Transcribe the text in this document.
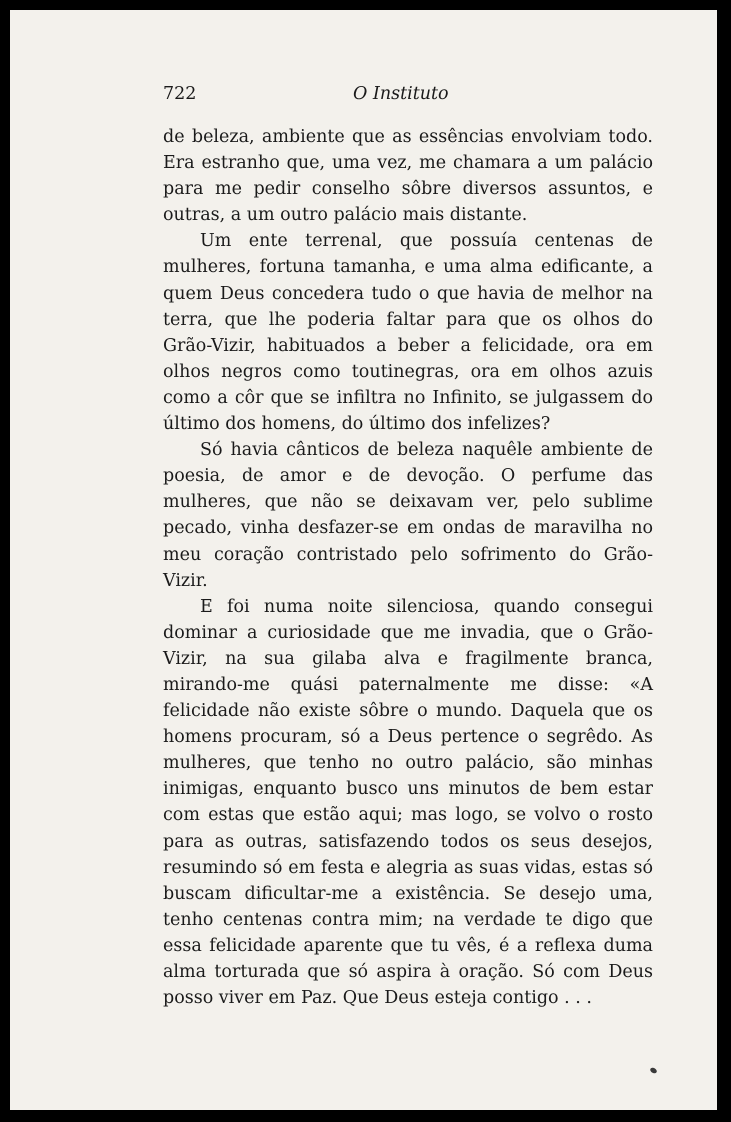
722	O Instituto

de beleza, ambiente que as essências envolviam todo. Era estranho que, uma vez, me chamara a um palácio para me pedir conselho sôbre diversos assuntos, e outras, a um outro palácio mais distante.

Um ente terrenal, que possuía centenas de mulheres, fortuna tamanha, e uma alma edificante, a quem Deus concedera tudo o que havia de melhor na terra, que lhe poderia faltar para que os olhos do Grão-Vizir, habituados a beber a felicidade, ora em olhos negros como toutinegras, ora em olhos azuis como a côr que se infiltra no Infinito, se julgassem do último dos homens, do último dos infelizes?

Só havia cânticos de beleza naquêle ambiente de poesia, de amor e de devoção. O perfume das mulheres, que não se deixavam ver, pelo sublime pecado, vinha desfazer-se em ondas de maravilha no meu coração contristado pelo sofrimento do Grão-Vizir.

E foi numa noite silenciosa, quando consegui dominar a curiosidade que me invadia, que o Grão-Vizir, na sua gilaba alva e fragilmente branca, mirando-me quási paternalmente me disse: «A felicidade não existe sôbre o mundo. Daquela que os homens procuram, só a Deus pertence o segrêdo. As mulheres, que tenho no outro palácio, são minhas inimigas, enquanto busco uns minutos de bem estar com estas que estão aqui; mas logo, se volvo o rosto para as outras, satisfazendo todos os seus desejos, resumindo só em festa e alegria as suas vidas, estas só buscam dificultar-me a existência. Se desejo uma, tenho centenas contra mim; na verdade te digo que essa felicidade aparente que tu vês, é a reflexa duma alma torturada que só aspira à oração. Só com Deus posso viver em Paz. Que Deus esteja contigo . . .
